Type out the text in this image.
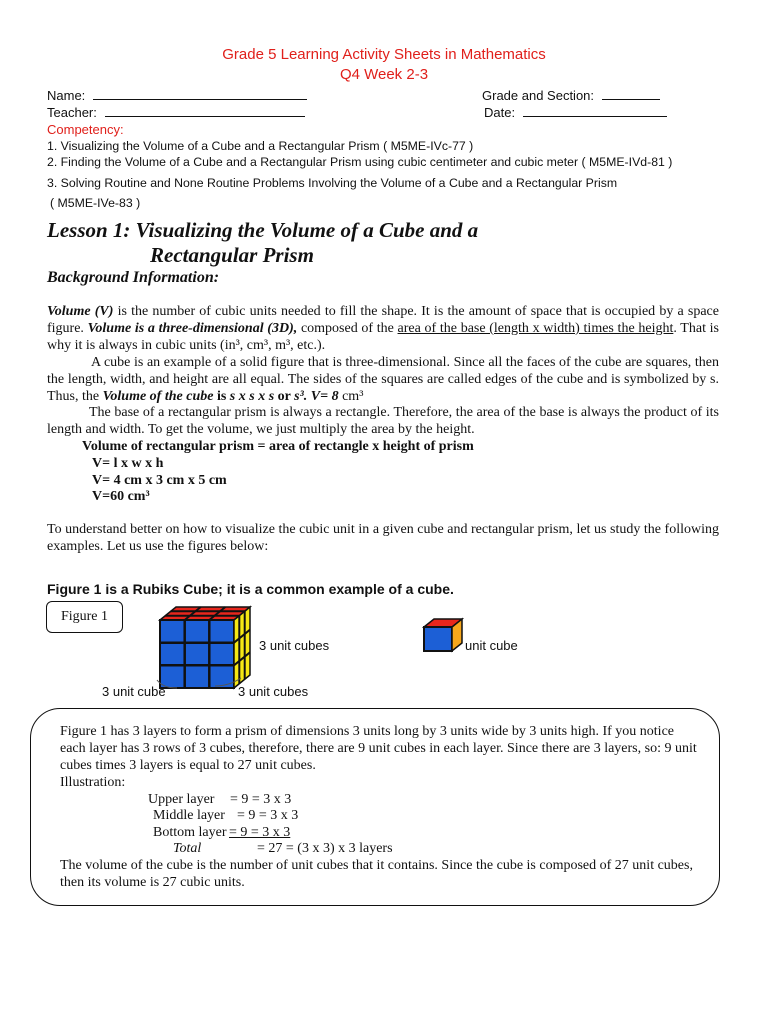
Grade 5 Learning Activity Sheets in Mathematics
Q4 Week 2-3
Name:	Grade and Section:
Teacher:	Date:
Competency:
1. Visualizing the Volume of a Cube and a Rectangular Prism ( M5ME-IVc-77 )
2. Finding the Volume of a Cube and a Rectangular Prism using cubic centimeter and cubic meter ( M5ME-IVd-81 )
3. Solving Routine and None Routine Problems Involving the Volume of a Cube and a Rectangular Prism
( M5ME-IVe-83 )
Lesson 1: Visualizing the Volume of a Cube and a
Rectangular Prism
Background Information:
Volume (V) is the number of cubic units needed to fill the shape. It is the amount of space that is occupied by a space figure. Volume is a three-dimensional (3D), composed of the area of the base (length x width) times the height. That is why it is always in cubic units (in³, cm³, m³, etc.).
A cube is an example of a solid figure that is three-dimensional. Since all the faces of the cube are squares, then the length, width, and height are all equal. The sides of the squares are called edges of the cube and is symbolized by s. Thus, the Volume of the cube is s x s x s or s³. V= 8 cm³
The base of a rectangular prism is always a rectangle. Therefore, the area of the base is always the product of its length and width. To get the volume, we just multiply the area by the height.
Volume of rectangular prism = area of rectangle x height of prism
V= l x w x h
V= 4 cm x 3 cm x 5 cm
V=60 cm³
To understand better on how to visualize the cubic unit in a given cube and rectangular prism, let us study the following examples. Let us use the figures below:
Figure 1 is a Rubiks Cube; it is a common example of a cube.
Figure 1
3 unit cubes
3 unit cube	3 unit cubes
unit cube
Figure 1 has 3 layers to form a prism of dimensions 3 units long by 3 units wide by 3 units high. If you notice each layer has 3 rows of 3 cubes, therefore, there are 9 unit cubes in each layer. Since there are 3 layers, so: 9 unit cubes times 3 layers is equal to 27 unit cubes.
Illustration:
Upper layer = 9 = 3 x 3
Middle layer = 9 = 3 x 3
Bottom layer = 9 = 3 x 3
Total	= 27 = (3 x 3) x 3 layers
The volume of the cube is the number of unit cubes that it contains. Since the cube is composed of 27 unit cubes, then its volume is 27 cubic units.
